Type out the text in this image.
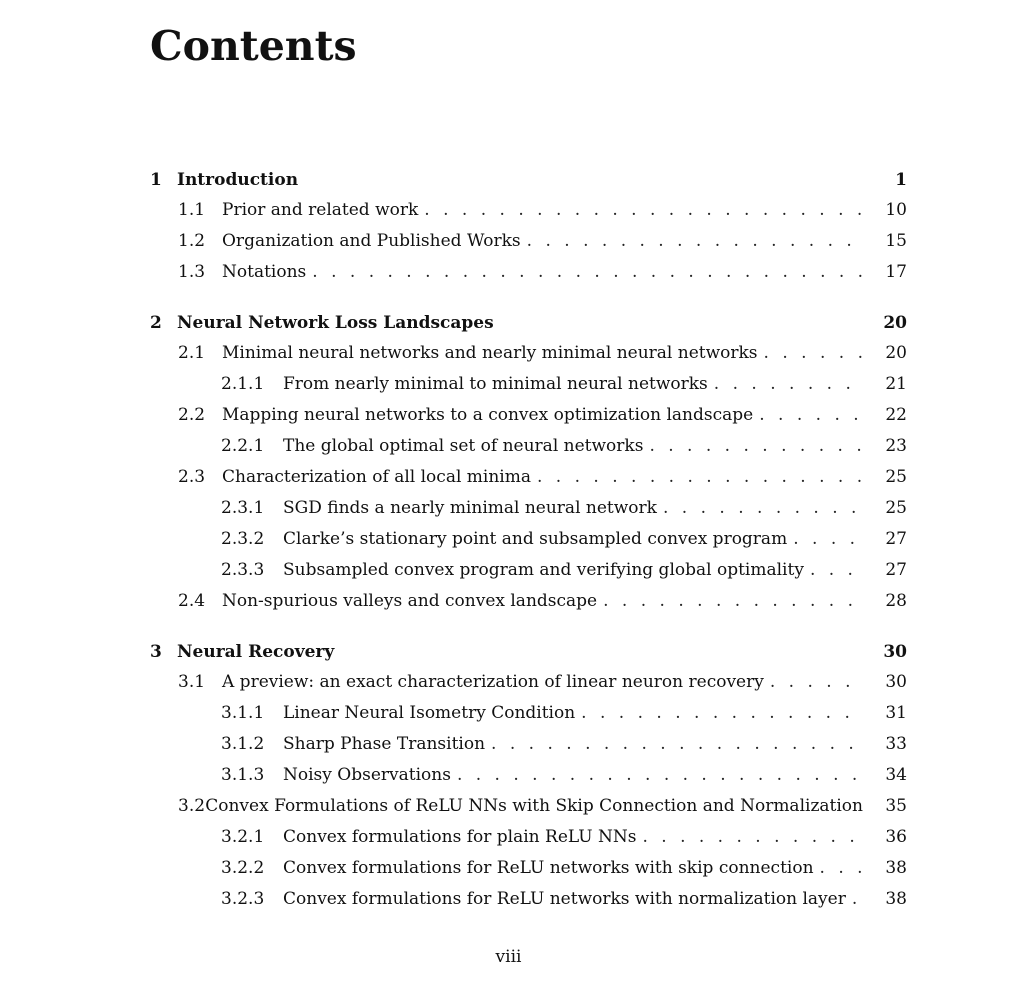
Contents
1 Introduction	1
1.1 Prior and related work . . .	10
1.2 Organization and Published Works . . .	15
1.3 Notations . . .	17
2 Neural Network Loss Landscapes	20
2.1 Minimal neural networks and nearly minimal neural networks . . .	20
2.1.1	From nearly minimal to minimal neural networks . . .	21
2.2 Mapping neural networks to a convex optimization landscape . . .	22
2.2.1	The global optimal set of neural networks . . .	23
2.3 Characterization of all local minima . . .	25
2.3.1	SGD finds a nearly minimal neural network . . .	25
2.3.2	Clarke’s stationary point and subsampled convex program . . .	27
2.3.3	Subsampled convex program and verifying global optimality . . .	27
2.4 Non-spurious valleys and convex landscape . . .	28
3 Neural Recovery	30
3.1 A preview: an exact characterization of linear neuron recovery . . .	30
3.1.1	Linear Neural Isometry Condition . . .	31
3.1.2	Sharp Phase Transition . . .	33
3.1.3	Noisy Observations . . .	34
3.2 Convex Formulations of ReLU NNs with Skip Connection and Normalization	35
3.2.1	Convex formulations for plain ReLU NNs . . .	36
3.2.2	Convex formulations for ReLU networks with skip connection . . .	38
3.2.3	Convex formulations for ReLU networks with normalization layer . . .	38
viii
